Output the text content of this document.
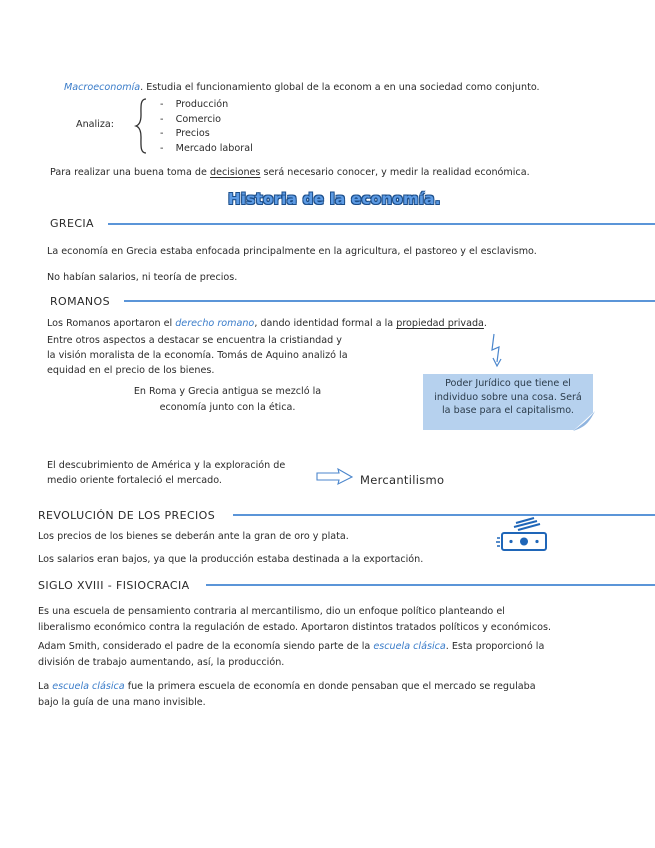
Macroeconomía. Estudia el funcionamiento global de la econom a en una sociedad como conjunto.
Analiza:
-    Producción
-    Comercio
-    Precios
-    Mercado laboral
Para realizar una buena toma de decisiones será necesario conocer, y medir la realidad económica.
Historia de la economía.
GRECIA
La economía en Grecia estaba enfocada principalmente en la agricultura, el pastoreo y el esclavismo.
No habían salarios, ni teoría de precios.
ROMANOS
Los Romanos aportaron el derecho romano, dando identidad formal a la propiedad privada.
Entre otros aspectos a destacar se encuentra la cristiandad y
la visión moralista de la economía. Tomás de Aquino analizó la
equidad en el precio de los bienes.
En Roma y Grecia antigua se mezcló la
economía junto con la ética.
Poder Jurídico que tiene el individuo sobre una cosa. Será la base para el capitalismo.
El descubrimiento de América y la exploración de
medio oriente fortaleció el mercado.	Mercantilismo
REVOLUCIÓN DE LOS PRECIOS
Los precios de los bienes se deberán ante la gran de oro y plata.
Los salarios eran bajos, ya que la producción estaba destinada a la exportación.
SIGLO XVIII - FISIOCRACIA
Es una escuela de pensamiento contraria al mercantilismo, dio un enfoque político planteando el
liberalismo económico contra la regulación de estado. Aportaron distintos tratados políticos y económicos.
Adam Smith, considerado el padre de la economía siendo parte de la escuela clásica. Esta proporcionó la
división de trabajo aumentando, así, la producción.
La escuela clásica fue la primera escuela de economía en donde pensaban que el mercado se regulaba
bajo la guía de una mano invisible.
